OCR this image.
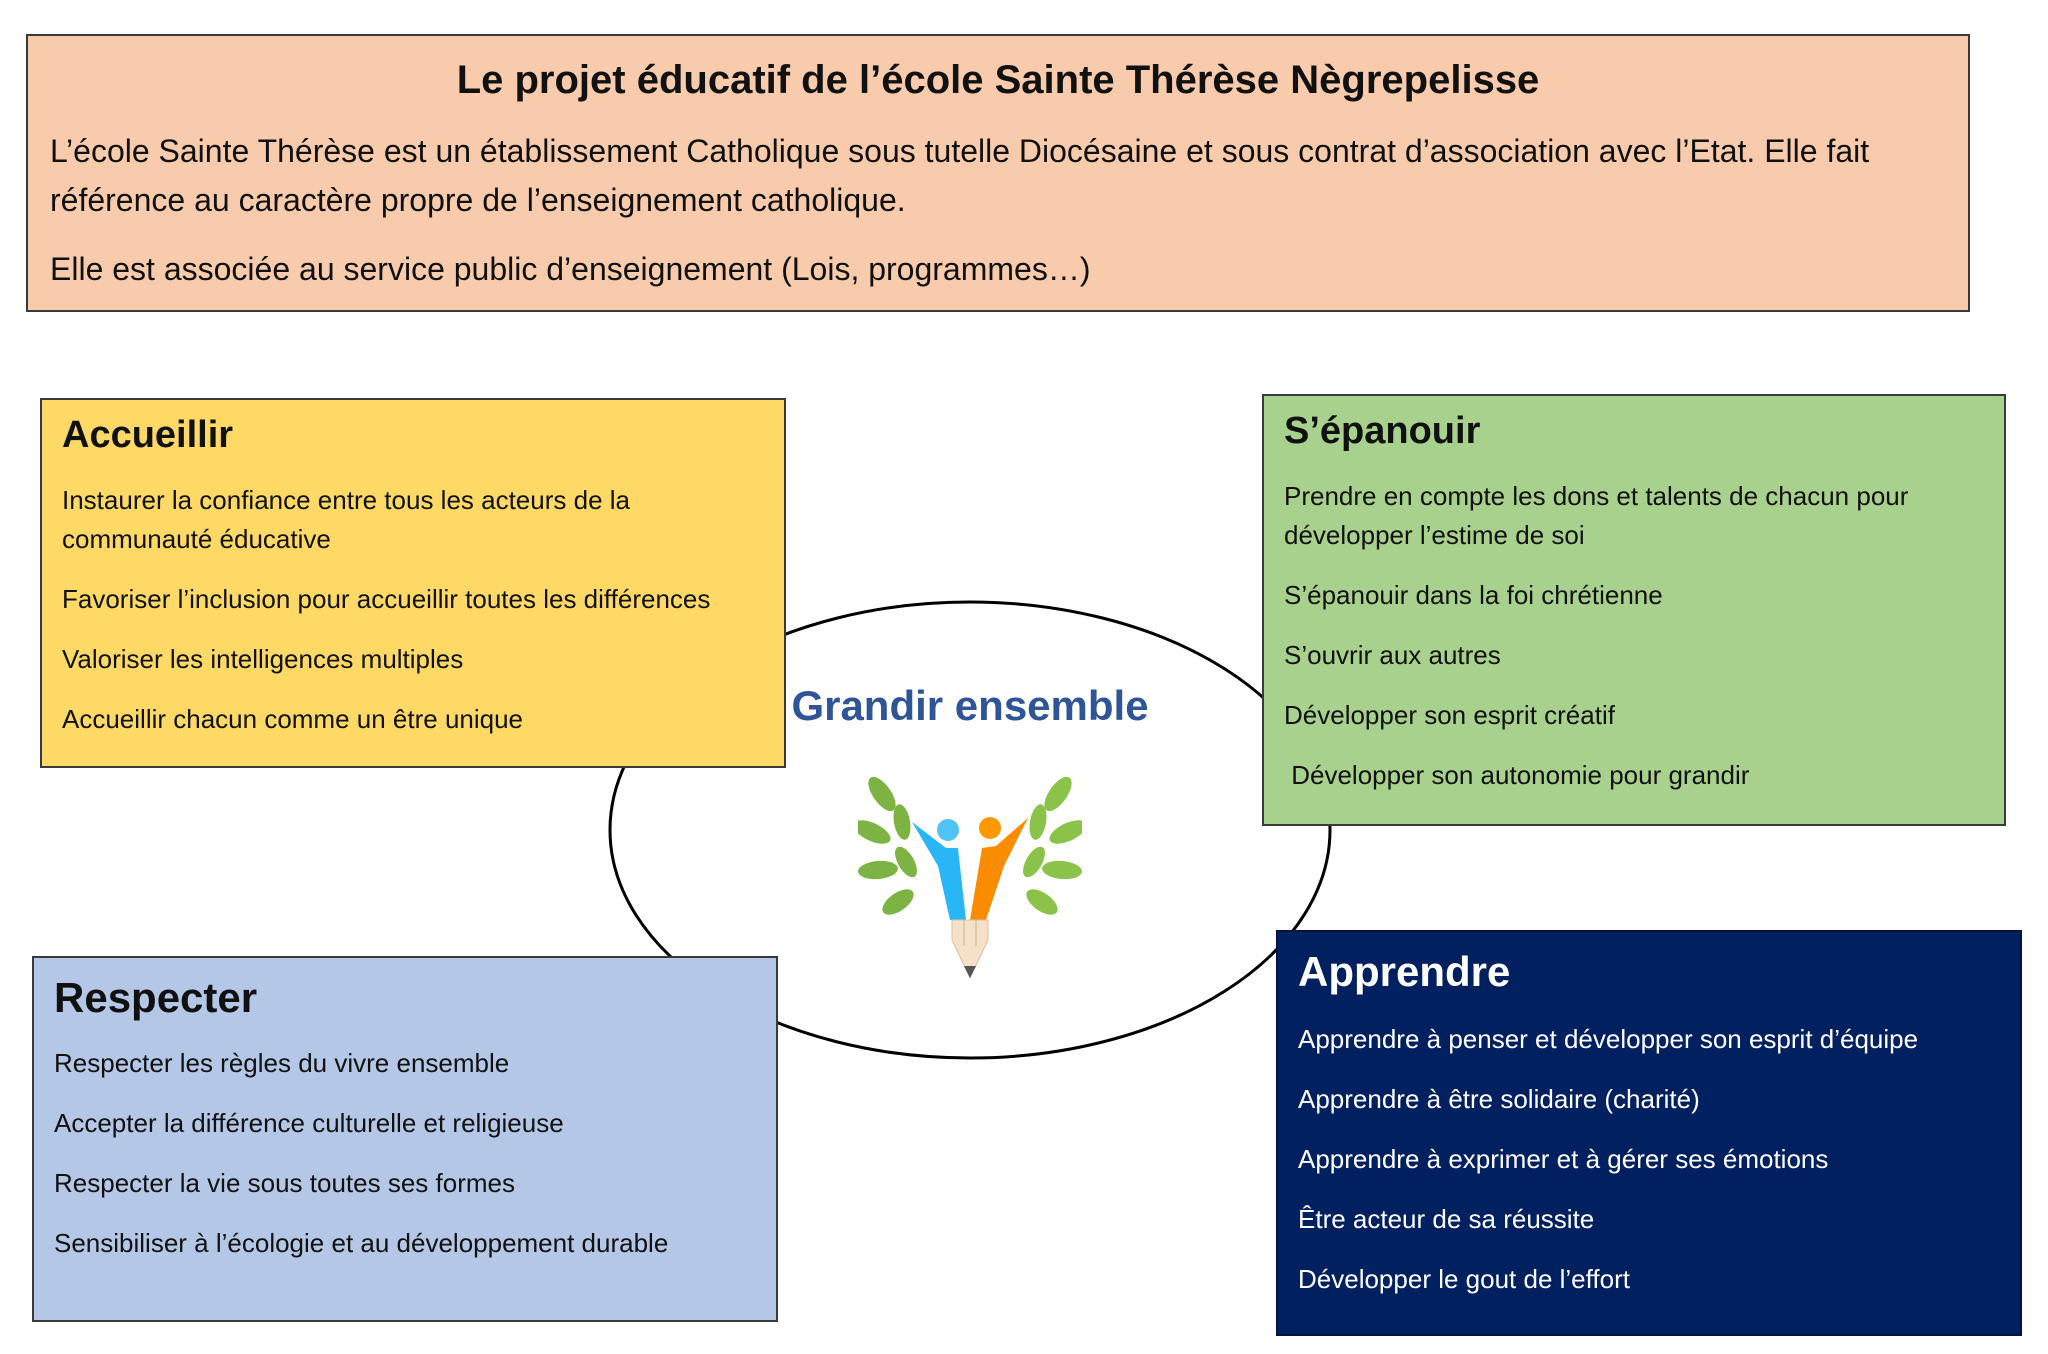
Le projet éducatif de l’école Sainte Thérèse Nègrepelisse

L’école Sainte Thérèse est un établissement Catholique sous tutelle Diocésaine et sous contrat d’association avec l’Etat. Elle fait référence au caractère propre de l’enseignement catholique.

Elle est associée au service public d’enseignement (Lois, programmes…)

Accueillir
Instaurer la confiance entre tous les acteurs de la communauté éducative
Favoriser l’inclusion pour accueillir toutes les différences
Valoriser les intelligences multiples
Accueillir chacun comme un être unique
S’épanouir
Prendre en compte les dons et talents de chacun pour développer l’estime de soi
S’épanouir dans la foi chrétienne
S’ouvrir aux autres
Développer son esprit créatif
Développer son autonomie pour grandir
Respecter
Respecter les règles du vivre ensemble
Accepter la différence culturelle et religieuse
Respecter la vie sous toutes ses formes
Sensibiliser à l’écologie et au développement durable
Apprendre
Apprendre à penser et développer son esprit d’équipe
Apprendre à être solidaire (charité)
Apprendre à exprimer et à gérer ses émotions
Être acteur de sa réussite
Développer le gout de l’effort
Grandir ensemble
